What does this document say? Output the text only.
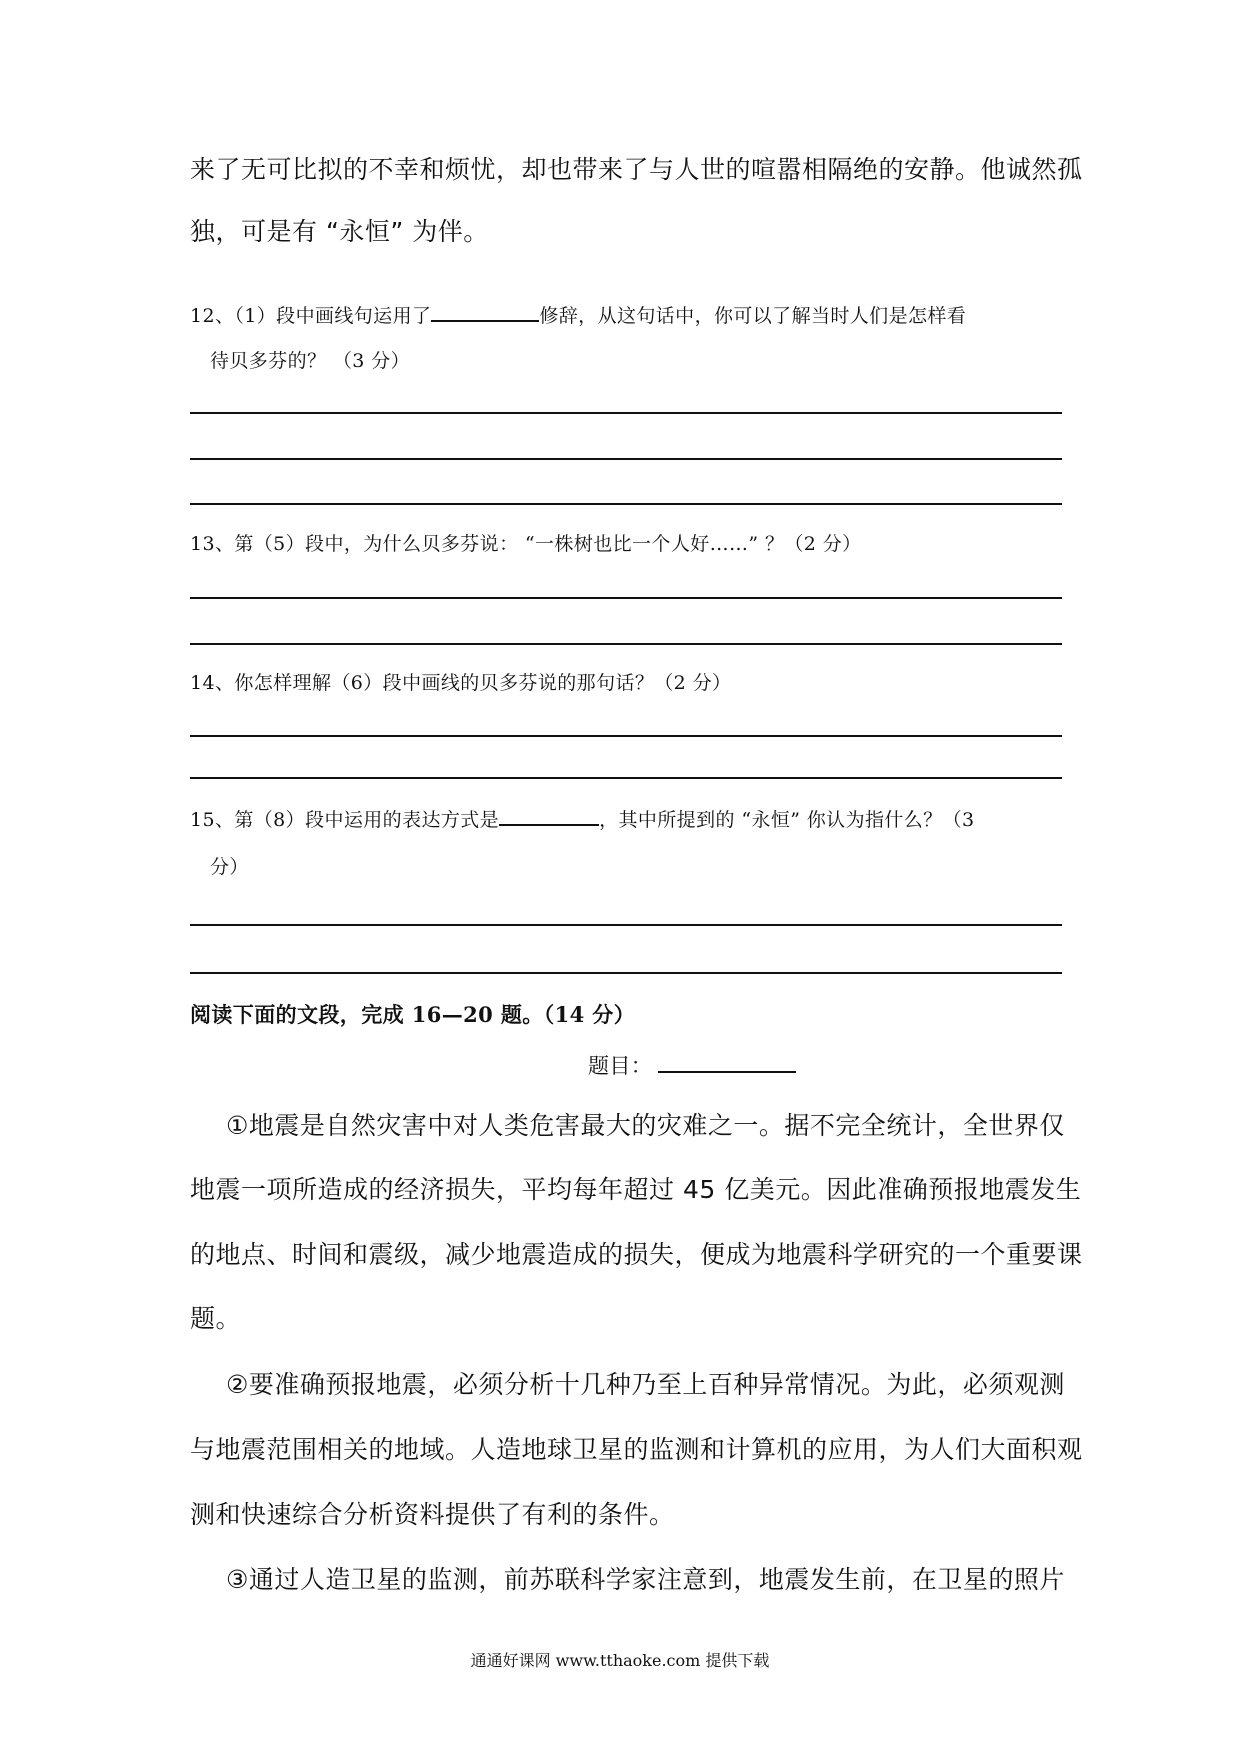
来了无可比拟的不幸和烦忧，却也带来了与人世的喧嚣相隔绝的安静。他诚然孤
独，可是有 “永恒” 为伴。
12、（1）段中画线句运用了	修辞，从这句话中，你可以了解当时人们是怎样看
待贝多芬的？ （3 分）
13、第（5）段中，为什么贝多芬说： “一株树也比一个人好……” ？（2 分）
14、你怎样理解（6）段中画线的贝多芬说的那句话？（2 分）
15、第（8）段中运用的表达方式是	，其中所提到的 “永恒” 你认为指什么？（3
分）
阅读下面的文段，完成 16—20 题。（14 分）
题目：
①地震是自然灾害中对人类危害最大的灾难之一。据不完全统计，全世界仅
地震一项所造成的经济损失，平均每年超过 45 亿美元。因此准确预报地震发生
的地点、时间和震级，减少地震造成的损失，便成为地震科学研究的一个重要课
题。
②要准确预报地震，必须分析十几种乃至上百种异常情况。为此，必须观测
与地震范围相关的地域。人造地球卫星的监测和计算机的应用，为人们大面积观
测和快速综合分析资料提供了有利的条件。
③通过人造卫星的监测，前苏联科学家注意到，地震发生前，在卫星的照片
通通好课网 www.tthaoke.com 提供下载
